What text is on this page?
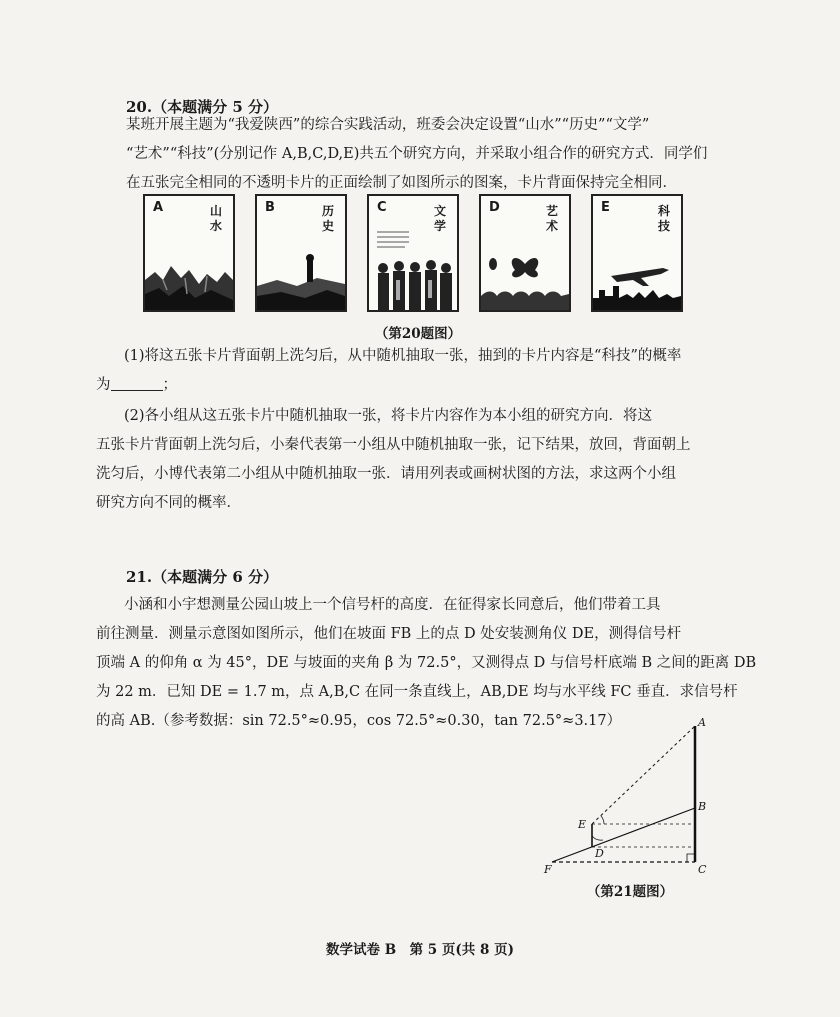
20.（本题满分 5 分）
某班开展主题为“我爱陕西”的综合实践活动，班委会决定设置“山水”“历史”“文学”
“艺术”“科技”(分别记作 A,B,C,D,E)共五个研究方向，并采取小组合作的研究方式．同学们
在五张完全相同的不透明卡片的正面绘制了如图所示的图案，卡片背面保持完全相同．
A	山水
B	历史
C	文学
D	艺术
E	科技
（第20题图）
(1)将这五张卡片背面朝上洗匀后，从中随机抽取一张，抽到的卡片内容是“科技”的概率
为	；
(2)各小组从这五张卡片中随机抽取一张，将卡片内容作为本小组的研究方向．将这
五张卡片背面朝上洗匀后，小秦代表第一小组从中随机抽取一张，记下结果，放回，背面朝上
洗匀后，小博代表第二小组从中随机抽取一张．请用列表或画树状图的方法，求这两个小组
研究方向不同的概率．
21.（本题满分 6 分）
小涵和小宇想测量公园山坡上一个信号杆的高度．在征得家长同意后，他们带着工具
前往测量．测量示意图如图所示，他们在坡面 FB 上的点 D 处安装测角仪 DE，测得信号杆
顶端 A 的仰角 α 为 45°，DE 与坡面的夹角 β 为 72.5°，又测得点 D 与信号杆底端 B 之间的距离 DB
为 22 m．已知 DE = 1.7 m，点 A,B,C 在同一条直线上，AB,DE 均与水平线 FC 垂直．求信号杆
的高 AB.（参考数据：sin 72.5°≈0.95，cos 72.5°≈0.30，tan 72.5°≈3.17）	A
B
C
D
E
F
（第21题图）
数学试卷 B　第 5 页(共 8 页)
